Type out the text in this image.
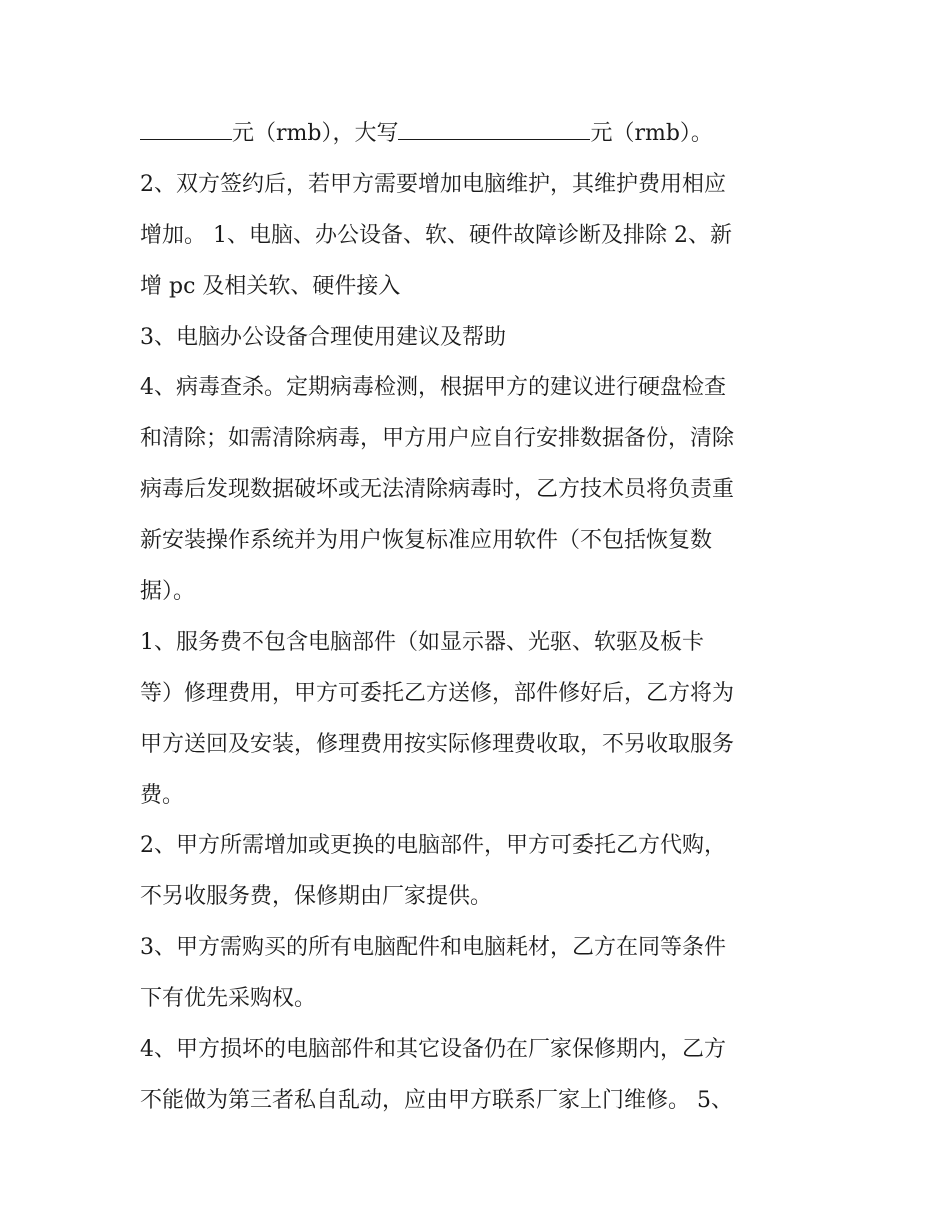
元（rmb），大写	元（rmb）。
2、双方签约后，若甲方需要增加电脑维护，其维护费用相应
增加。 1、电脑、办公设备、软、硬件故障诊断及排除 2、新
增 pc 及相关软、硬件接入
3、电脑办公设备合理使用建议及帮助
4、病毒查杀。定期病毒检测，根据甲方的建议进行硬盘检查
和清除；如需清除病毒，甲方用户应自行安排数据备份，清除
病毒后发现数据破坏或无法清除病毒时，乙方技术员将负责重
新安装操作系统并为用户恢复标准应用软件（不包括恢复数
据）。
1、服务费不包含电脑部件（如显示器、光驱、软驱及板卡
等）修理费用，甲方可委托乙方送修，部件修好后，乙方将为
甲方送回及安装，修理费用按实际修理费收取，不另收取服务
费。
2、甲方所需增加或更换的电脑部件，甲方可委托乙方代购，
不另收服务费，保修期由厂家提供。
3、甲方需购买的所有电脑配件和电脑耗材，乙方在同等条件
下有优先采购权。
4、甲方损坏的电脑部件和其它设备仍在厂家保修期内，乙方
不能做为第三者私自乱动，应由甲方联系厂家上门维修。 5、
